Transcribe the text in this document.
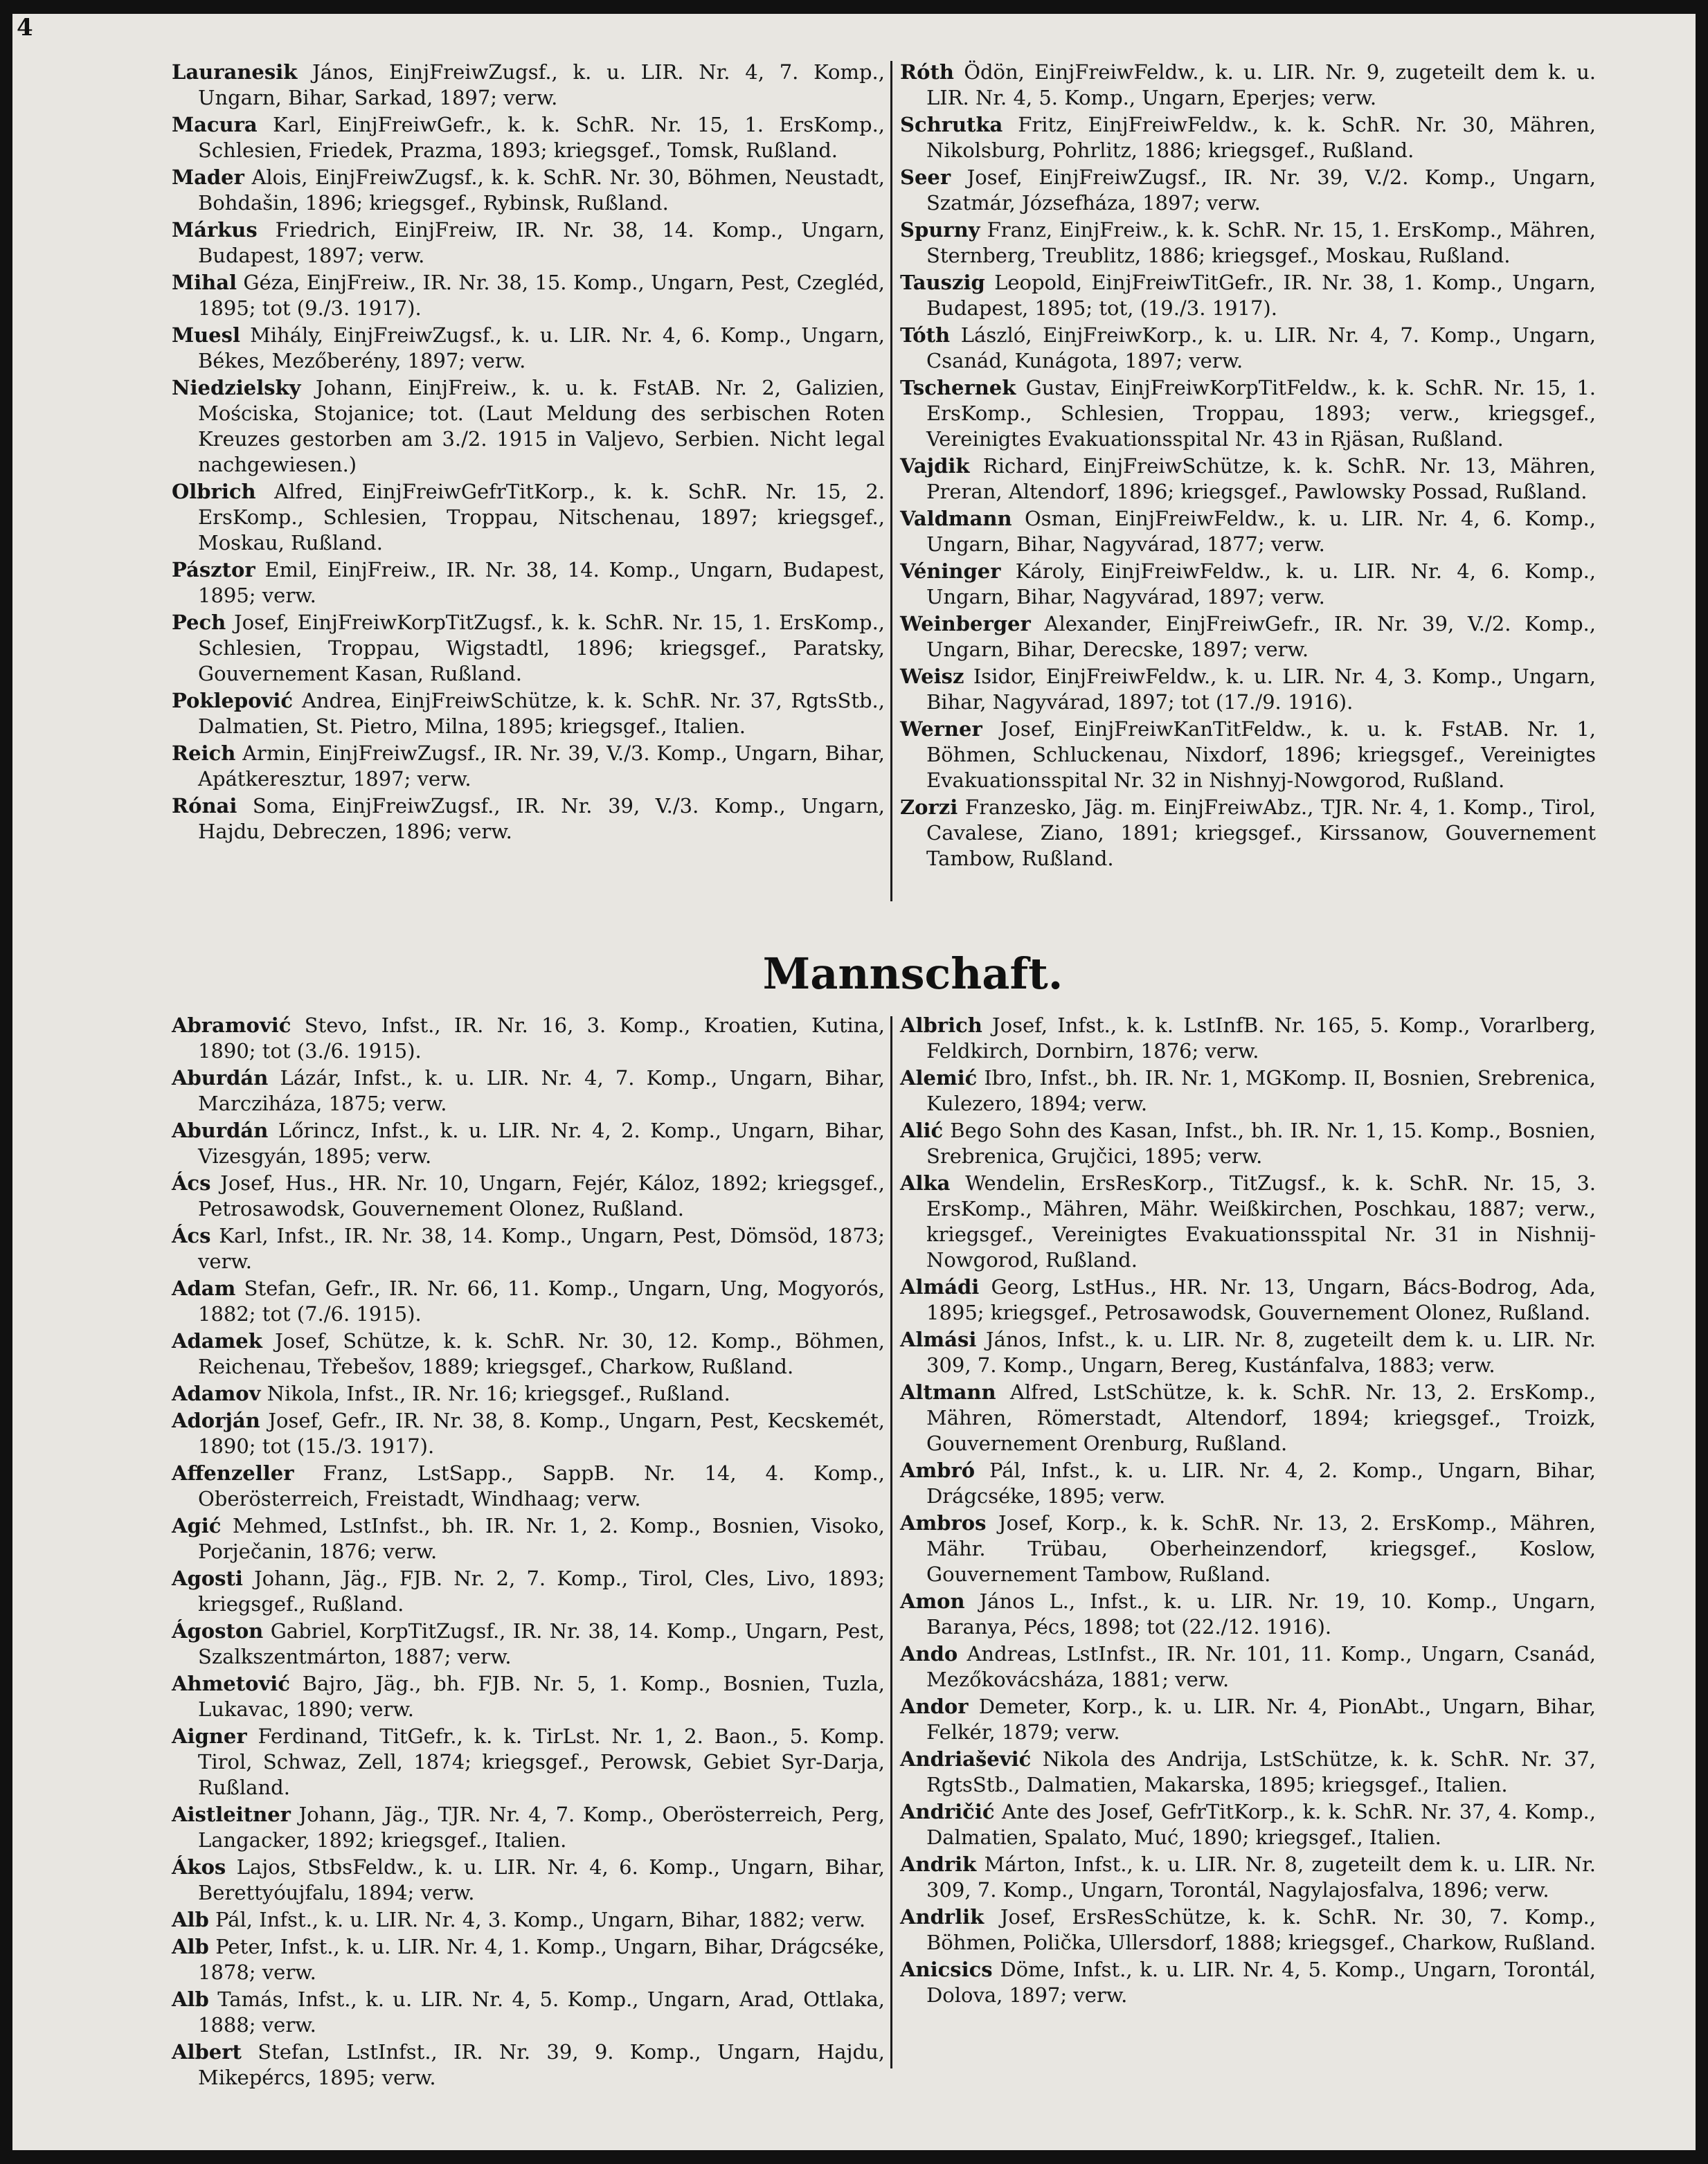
4

Lauranesik János, EinjFreiwZugsf., k. u. LIR. Nr. 4, 7. Komp., Ungarn, Bihar, Sarkad, 1897; verw.

Macura Karl, EinjFreiwGefr., k. k. SchR. Nr. 15, 1. ErsKomp., Schlesien, Friedek, Prazma, 1893; kriegsgef., Tomsk, Rußland.

Mader Alois, EinjFreiwZugsf., k. k. SchR. Nr. 30, Böhmen, Neustadt, Bohdašin, 1896; kriegsgef., Rybinsk, Rußland.

Márkus Friedrich, EinjFreiw, IR. Nr. 38, 14. Komp., Ungarn, Budapest, 1897; verw.

Mihal Géza, EinjFreiw., IR. Nr. 38, 15. Komp., Ungarn, Pest, Czegléd, 1895; tot (9./3. 1917).

Muesl Mihály, EinjFreiwZugsf., k. u. LIR. Nr. 4, 6. Komp., Ungarn, Békes, Mezőberény, 1897; verw.

Niedzielsky Johann, EinjFreiw., k. u. k. FstAB. Nr. 2, Galizien, Mościska, Stojanice; tot. (Laut Meldung des serbischen Roten Kreuzes gestorben am 3./2. 1915 in Valjevo, Serbien. Nicht legal nachgewiesen.)

Olbrich Alfred, EinjFreiwGefrTitKorp., k. k. SchR. Nr. 15, 2. ErsKomp., Schlesien, Troppau, Nitschenau, 1897; kriegsgef., Moskau, Rußland.

Pásztor Emil, EinjFreiw., IR. Nr. 38, 14. Komp., Ungarn, Budapest, 1895; verw.

Pech Josef, EinjFreiwKorpTitZugsf., k. k. SchR. Nr. 15, 1. ErsKomp., Schlesien, Troppau, Wigstadtl, 1896; kriegsgef., Paratsky, Gouvernement Kasan, Rußland.

Poklepović Andrea, EinjFreiwSchütze, k. k. SchR. Nr. 37, RgtsStb., Dalmatien, St. Pietro, Milna, 1895; kriegsgef., Italien.

Reich Armin, EinjFreiwZugsf., IR. Nr. 39, V./3. Komp., Ungarn, Bihar, Apátkeresztur, 1897; verw.

Rónai Soma, EinjFreiwZugsf., IR. Nr. 39, V./3. Komp., Ungarn, Hajdu, Debreczen, 1896; verw.

Róth Ödön, EinjFreiwFeldw., k. u. LIR. Nr. 9, zugeteilt dem k. u. LIR. Nr. 4, 5. Komp., Ungarn, Eperjes; verw.

Schrutka Fritz, EinjFreiwFeldw., k. k. SchR. Nr. 30, Mähren, Nikolsburg, Pohrlitz, 1886; kriegsgef., Rußland.

Seer Josef, EinjFreiwZugsf., IR. Nr. 39, V./2. Komp., Ungarn, Szatmár, Józsefháza, 1897; verw.

Spurny Franz, EinjFreiw., k. k. SchR. Nr. 15, 1. ErsKomp., Mähren, Sternberg, Treublitz, 1886; kriegsgef., Moskau, Rußland.

Tauszig Leopold, EinjFreiwTitGefr., IR. Nr. 38, 1. Komp., Ungarn, Budapest, 1895; tot, (19./3. 1917).

Tóth László, EinjFreiwKorp., k. u. LIR. Nr. 4, 7. Komp., Ungarn, Csanád, Kunágota, 1897; verw.

Tschernek Gustav, EinjFreiwKorpTitFeldw., k. k. SchR. Nr. 15, 1. ErsKomp., Schlesien, Troppau, 1893; verw., kriegsgef., Vereinigtes Evakuationsspital Nr. 43 in Rjäsan, Rußland.

Vajdik Richard, EinjFreiwSchütze, k. k. SchR. Nr. 13, Mähren, Preran, Altendorf, 1896; kriegsgef., Pawlowsky Possad, Rußland.

Valdmann Osman, EinjFreiwFeldw., k. u. LIR. Nr. 4, 6. Komp., Ungarn, Bihar, Nagyvárad, 1877; verw.

Véninger Károly, EinjFreiwFeldw., k. u. LIR. Nr. 4, 6. Komp., Ungarn, Bihar, Nagyvárad, 1897; verw.

Weinberger Alexander, EinjFreiwGefr., IR. Nr. 39, V./2. Komp., Ungarn, Bihar, Derecske, 1897; verw.

Weisz Isidor, EinjFreiwFeldw., k. u. LIR. Nr. 4, 3. Komp., Ungarn, Bihar, Nagyvárad, 1897; tot (17./9. 1916).

Werner Josef, EinjFreiwKanTitFeldw., k. u. k. FstAB. Nr. 1, Böhmen, Schluckenau, Nixdorf, 1896; kriegsgef., Vereinigtes Evakuationsspital Nr. 32 in Nishnyj-Nowgorod, Rußland.

Zorzi Franzesko, Jäg. m. EinjFreiwAbz., TJR. Nr. 4, 1. Komp., Tirol, Cavalese, Ziano, 1891; kriegsgef., Kirssanow, Gouvernement Tambow, Rußland.

Mannschaft.

Abramović Stevo, Infst., IR. Nr. 16, 3. Komp., Kroatien, Kutina, 1890; tot (3./6. 1915).

Aburdán Lázár, Infst., k. u. LIR. Nr. 4, 7. Komp., Ungarn, Bihar, Marcziháza, 1875; verw.

Aburdán Lőrincz, Infst., k. u. LIR. Nr. 4, 2. Komp., Ungarn, Bihar, Vizesgyán, 1895; verw.

Ács Josef, Hus., HR. Nr. 10, Ungarn, Fejér, Káloz, 1892; kriegsgef., Petrosawodsk, Gouvernement Olonez, Rußland.

Ács Karl, Infst., IR. Nr. 38, 14. Komp., Ungarn, Pest, Dömsöd, 1873; verw.

Adam Stefan, Gefr., IR. Nr. 66, 11. Komp., Ungarn, Ung, Mogyorós, 1882; tot (7./6. 1915).

Adamek Josef, Schütze, k. k. SchR. Nr. 30, 12. Komp., Böhmen, Reichenau, Třebešov, 1889; kriegsgef., Charkow, Rußland.

Adamov Nikola, Infst., IR. Nr. 16; kriegsgef., Rußland.

Adorján Josef, Gefr., IR. Nr. 38, 8. Komp., Ungarn, Pest, Kecskemét, 1890; tot (15./3. 1917).

Affenzeller Franz, LstSapp., SappB. Nr. 14, 4. Komp., Oberösterreich, Freistadt, Windhaag; verw.

Agić Mehmed, LstInfst., bh. IR. Nr. 1, 2. Komp., Bosnien, Visoko, Porječanin, 1876; verw.

Agosti Johann, Jäg., FJB. Nr. 2, 7. Komp., Tirol, Cles, Livo, 1893; kriegsgef., Rußland.

Ágoston Gabriel, KorpTitZugsf., IR. Nr. 38, 14. Komp., Ungarn, Pest, Szalkszentmárton, 1887; verw.

Ahmetović Bajro, Jäg., bh. FJB. Nr. 5, 1. Komp., Bosnien, Tuzla, Lukavac, 1890; verw.

Aigner Ferdinand, TitGefr., k. k. TirLst. Nr. 1, 2. Baon., 5. Komp. Tirol, Schwaz, Zell, 1874; kriegsgef., Perowsk, Gebiet Syr-Darja, Rußland.

Aistleitner Johann, Jäg., TJR. Nr. 4, 7. Komp., Oberösterreich, Perg, Langacker, 1892; kriegsgef., Italien.

Ákos Lajos, StbsFeldw., k. u. LIR. Nr. 4, 6. Komp., Ungarn, Bihar, Berettyóujfalu, 1894; verw.

Alb Pál, Infst., k. u. LIR. Nr. 4, 3. Komp., Ungarn, Bihar, 1882; verw.

Alb Peter, Infst., k. u. LIR. Nr. 4, 1. Komp., Ungarn, Bihar, Drágcséke, 1878; verw.

Alb Tamás, Infst., k. u. LIR. Nr. 4, 5. Komp., Ungarn, Arad, Ottlaka, 1888; verw.

Albert Stefan, LstInfst., IR. Nr. 39, 9. Komp., Ungarn, Hajdu, Mikepércs, 1895; verw.

Albrich Josef, Infst., k. k. LstInfB. Nr. 165, 5. Komp., Vorarlberg, Feldkirch, Dornbirn, 1876; verw.

Alemić Ibro, Infst., bh. IR. Nr. 1, MGKomp. II, Bosnien, Srebrenica, Kulezero, 1894; verw.

Alić Bego Sohn des Kasan, Infst., bh. IR. Nr. 1, 15. Komp., Bosnien, Srebrenica, Grujčici, 1895; verw.

Alka Wendelin, ErsResKorp., TitZugsf., k. k. SchR. Nr. 15, 3. ErsKomp., Mähren, Mähr. Weißkirchen, Poschkau, 1887; verw., kriegsgef., Vereinigtes Evakuationsspital Nr. 31 in Nishnij-Nowgorod, Rußland.

Almádi Georg, LstHus., HR. Nr. 13, Ungarn, Bács-Bodrog, Ada, 1895; kriegsgef., Petrosawodsk, Gouvernement Olonez, Rußland.

Almási János, Infst., k. u. LIR. Nr. 8, zugeteilt dem k. u. LIR. Nr. 309, 7. Komp., Ungarn, Bereg, Kustánfalva, 1883; verw.

Altmann Alfred, LstSchütze, k. k. SchR. Nr. 13, 2. ErsKomp., Mähren, Römerstadt, Altendorf, 1894; kriegsgef., Troizk, Gouvernement Orenburg, Rußland.

Ambró Pál, Infst., k. u. LIR. Nr. 4, 2. Komp., Ungarn, Bihar, Drágcséke, 1895; verw.

Ambros Josef, Korp., k. k. SchR. Nr. 13, 2. ErsKomp., Mähren, Mähr. Trübau, Oberheinzendorf, kriegsgef., Koslow, Gouvernement Tambow, Rußland.

Amon János L., Infst., k. u. LIR. Nr. 19, 10. Komp., Ungarn, Baranya, Pécs, 1898; tot (22./12. 1916).

Ando Andreas, LstInfst., IR. Nr. 101, 11. Komp., Ungarn, Csanád, Mezőkovácsháza, 1881; verw.

Andor Demeter, Korp., k. u. LIR. Nr. 4, PionAbt., Ungarn, Bihar, Felkér, 1879; verw.

Andriašević Nikola des Andrija, LstSchütze, k. k. SchR. Nr. 37, RgtsStb., Dalmatien, Makarska, 1895; kriegsgef., Italien.

Andričić Ante des Josef, GefrTitKorp., k. k. SchR. Nr. 37, 4. Komp., Dalmatien, Spalato, Muć, 1890; kriegsgef., Italien.

Andrik Márton, Infst., k. u. LIR. Nr. 8, zugeteilt dem k. u. LIR. Nr. 309, 7. Komp., Ungarn, Torontál, Nagylajosfalva, 1896; verw.

Andrlik Josef, ErsResSchütze, k. k. SchR. Nr. 30, 7. Komp., Böhmen, Polička, Ullersdorf, 1888; kriegsgef., Charkow, Rußland.

Anicsics Döme, Infst., k. u. LIR. Nr. 4, 5. Komp., Ungarn, Torontál, Dolova, 1897; verw.
